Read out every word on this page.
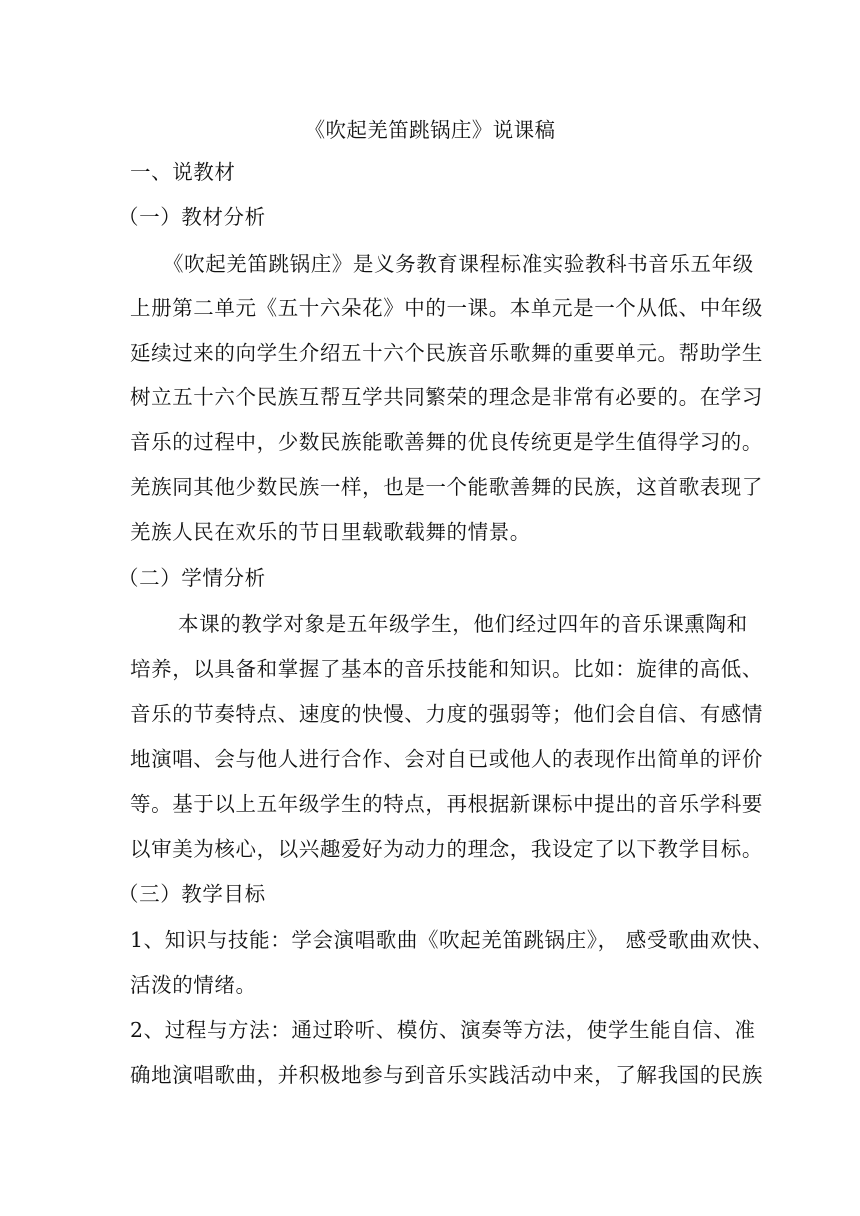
《吹起羌笛跳锅庄》说课稿
一、说教材
（一）教材分析
《吹起羌笛跳锅庄》是义务教育课程标准实验教科书音乐五年级
上册第二单元《五十六朵花》中的一课。本单元是一个从低、中年级
延续过来的向学生介绍五十六个民族音乐歌舞的重要单元。帮助学生
树立五十六个民族互帮互学共同繁荣的理念是非常有必要的。在学习
音乐的过程中，少数民族能歌善舞的优良传统更是学生值得学习的。
羌族同其他少数民族一样，也是一个能歌善舞的民族，这首歌表现了
羌族人民在欢乐的节日里载歌载舞的情景。
（二）学情分析
本课的教学对象是五年级学生，他们经过四年的音乐课熏陶和
培养，以具备和掌握了基本的音乐技能和知识。比如：旋律的高低、
音乐的节奏特点、速度的快慢、力度的强弱等；他们会自信、有感情
地演唱、会与他人进行合作、会对自已或他人的表现作出简单的评价
等。基于以上五年级学生的特点，再根据新课标中提出的音乐学科要
以审美为核心，以兴趣爱好为动力的理念，我设定了以下教学目标。
（三）教学目标
1、知识与技能：学会演唱歌曲《吹起羌笛跳锅庄》， 感受歌曲欢快、
活泼的情绪。
2、过程与方法：通过聆听、模仿、演奏等方法，使学生能自信、准
确地演唱歌曲，并积极地参与到音乐实践活动中来，了解我国的民族
